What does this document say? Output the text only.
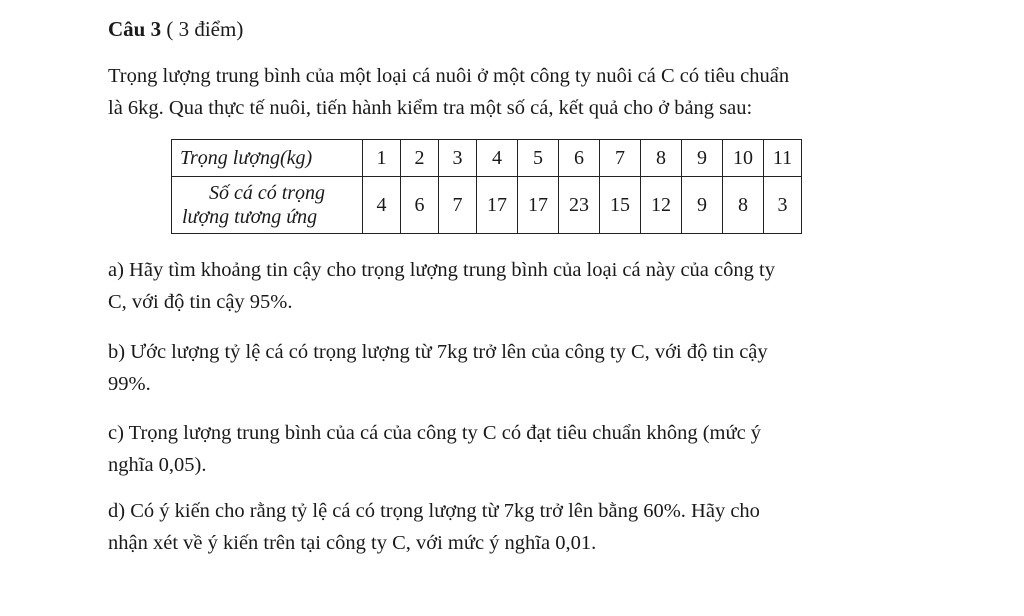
Câu 3 ( 3 điểm)
Trọng lượng trung bình của một loại cá nuôi ở một công ty nuôi cá C có tiêu chuẩn
là 6kg. Qua thực tế nuôi, tiến hành kiểm tra một số cá, kết quả cho ở bảng sau:
Trọng lượng(kg)	1	2	3	4	5	6	7	8	9	10	11

Số cá có trọng
lượng tương ứng	4	6	7	17	17	23	15	12	9	8	3
a) Hãy tìm khoảng tin cậy cho trọng lượng trung bình của loại cá này của công ty
C, với độ tin cậy 95%.
b) Ước lượng tỷ lệ cá có trọng lượng từ 7kg trở lên của công ty C, với độ tin cậy
99%.
c) Trọng lượng trung bình của cá của công ty C có đạt tiêu chuẩn không (mức ý
nghĩa 0,05).
d) Có ý kiến cho rằng tỷ lệ cá có trọng lượng từ 7kg trở lên bằng 60%. Hãy cho
nhận xét về ý kiến trên tại công ty C, với mức ý nghĩa 0,01.
